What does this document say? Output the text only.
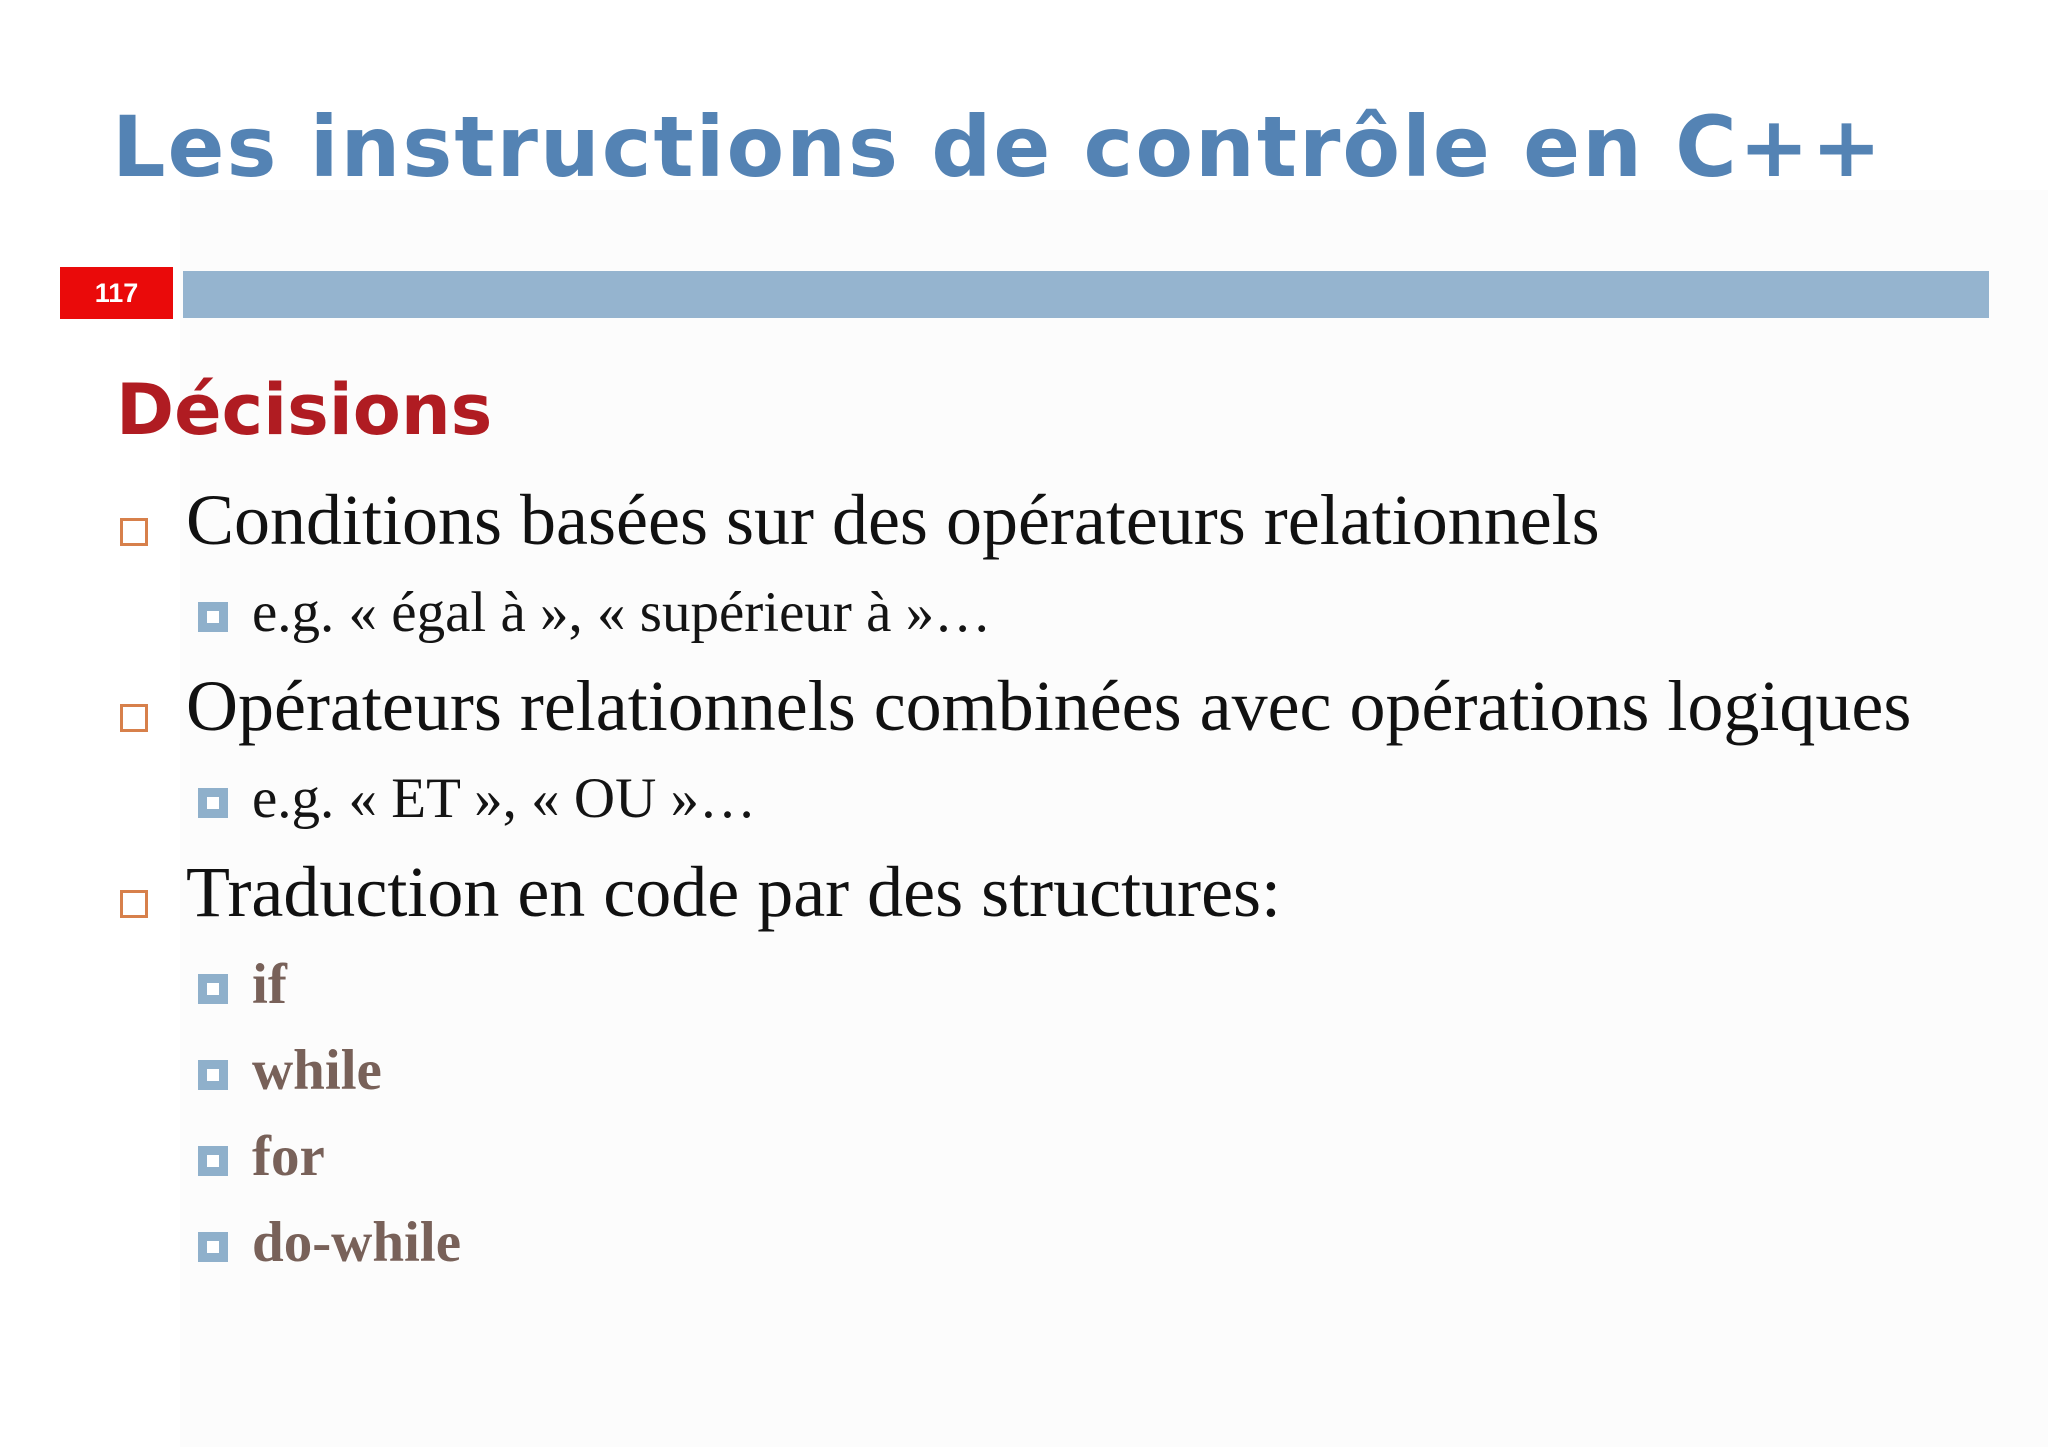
Les instructions de contrôle en C++
117
Décisions
Conditions basées sur des opérateurs relationnels
e.g. « égal à », « supérieur à »…
Opérateurs relationnels combinées avec opérations logiques
e.g. « ET », « OU »…
Traduction en code par des structures:
if
while
for
do-while
